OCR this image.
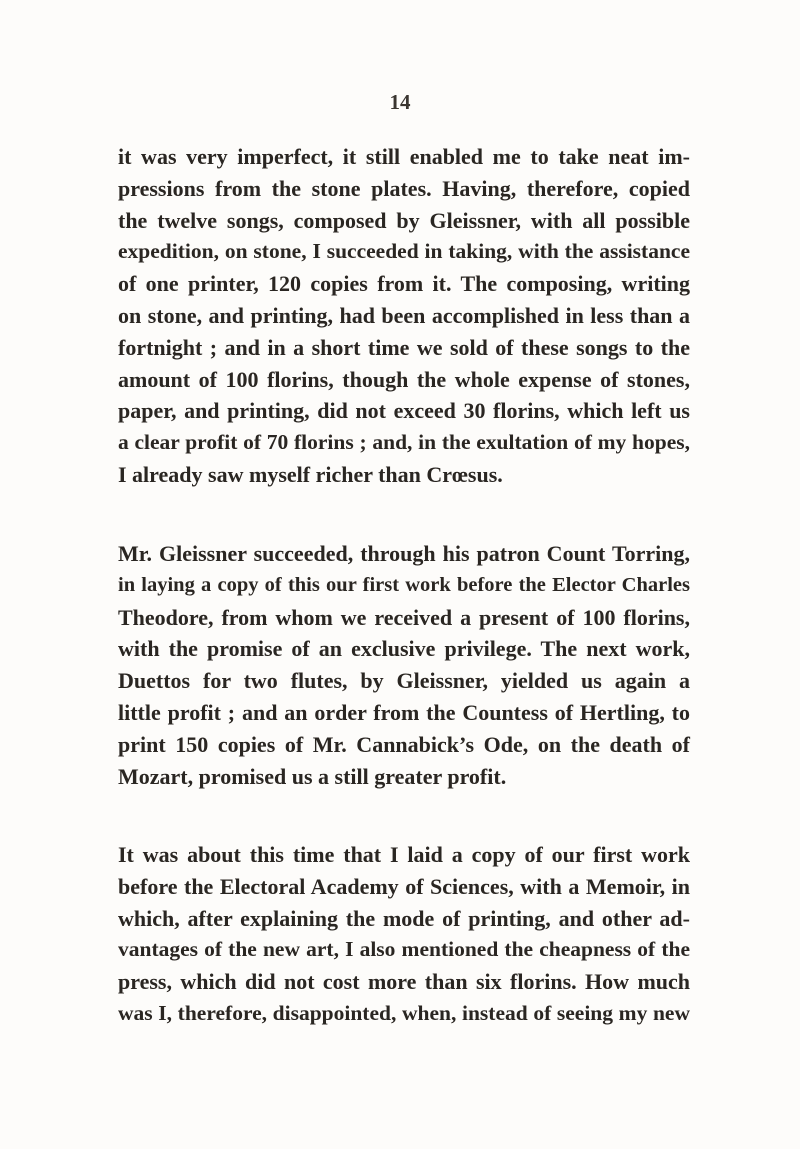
14
it was very imperfect, it still enabled me to take neat im-
pressions from the stone plates. Having, therefore, copied
the twelve songs, composed by Gleissner, with all possible
expedition, on stone, I succeeded in taking, with the assistance
of one printer, 120 copies from it. The composing, writing
on stone, and printing, had been accomplished in less than a
fortnight ; and in a short time we sold of these songs to the
amount of 100 florins, though the whole expense of stones,
paper, and printing, did not exceed 30 florins, which left us
a clear profit of 70 florins ; and, in the exultation of my hopes,
I already saw myself richer than Crœsus.
Mr. Gleissner succeeded, through his patron Count Torring,
in laying a copy of this our first work before the Elector Charles
Theodore, from whom we received a present of 100 florins,
with the promise of an exclusive privilege. The next work,
Duettos for two flutes, by Gleissner, yielded us again a
little profit ; and an order from the Countess of Hertling, to
print 150 copies of Mr. Cannabick’s Ode, on the death of
Mozart, promised us a still greater profit.
It was about this time that I laid a copy of our first work
before the Electoral Academy of Sciences, with a Memoir, in
which, after explaining the mode of printing, and other ad-
vantages of the new art, I also mentioned the cheapness of the
press, which did not cost more than six florins. How much
was I, therefore, disappointed, when, instead of seeing my new
